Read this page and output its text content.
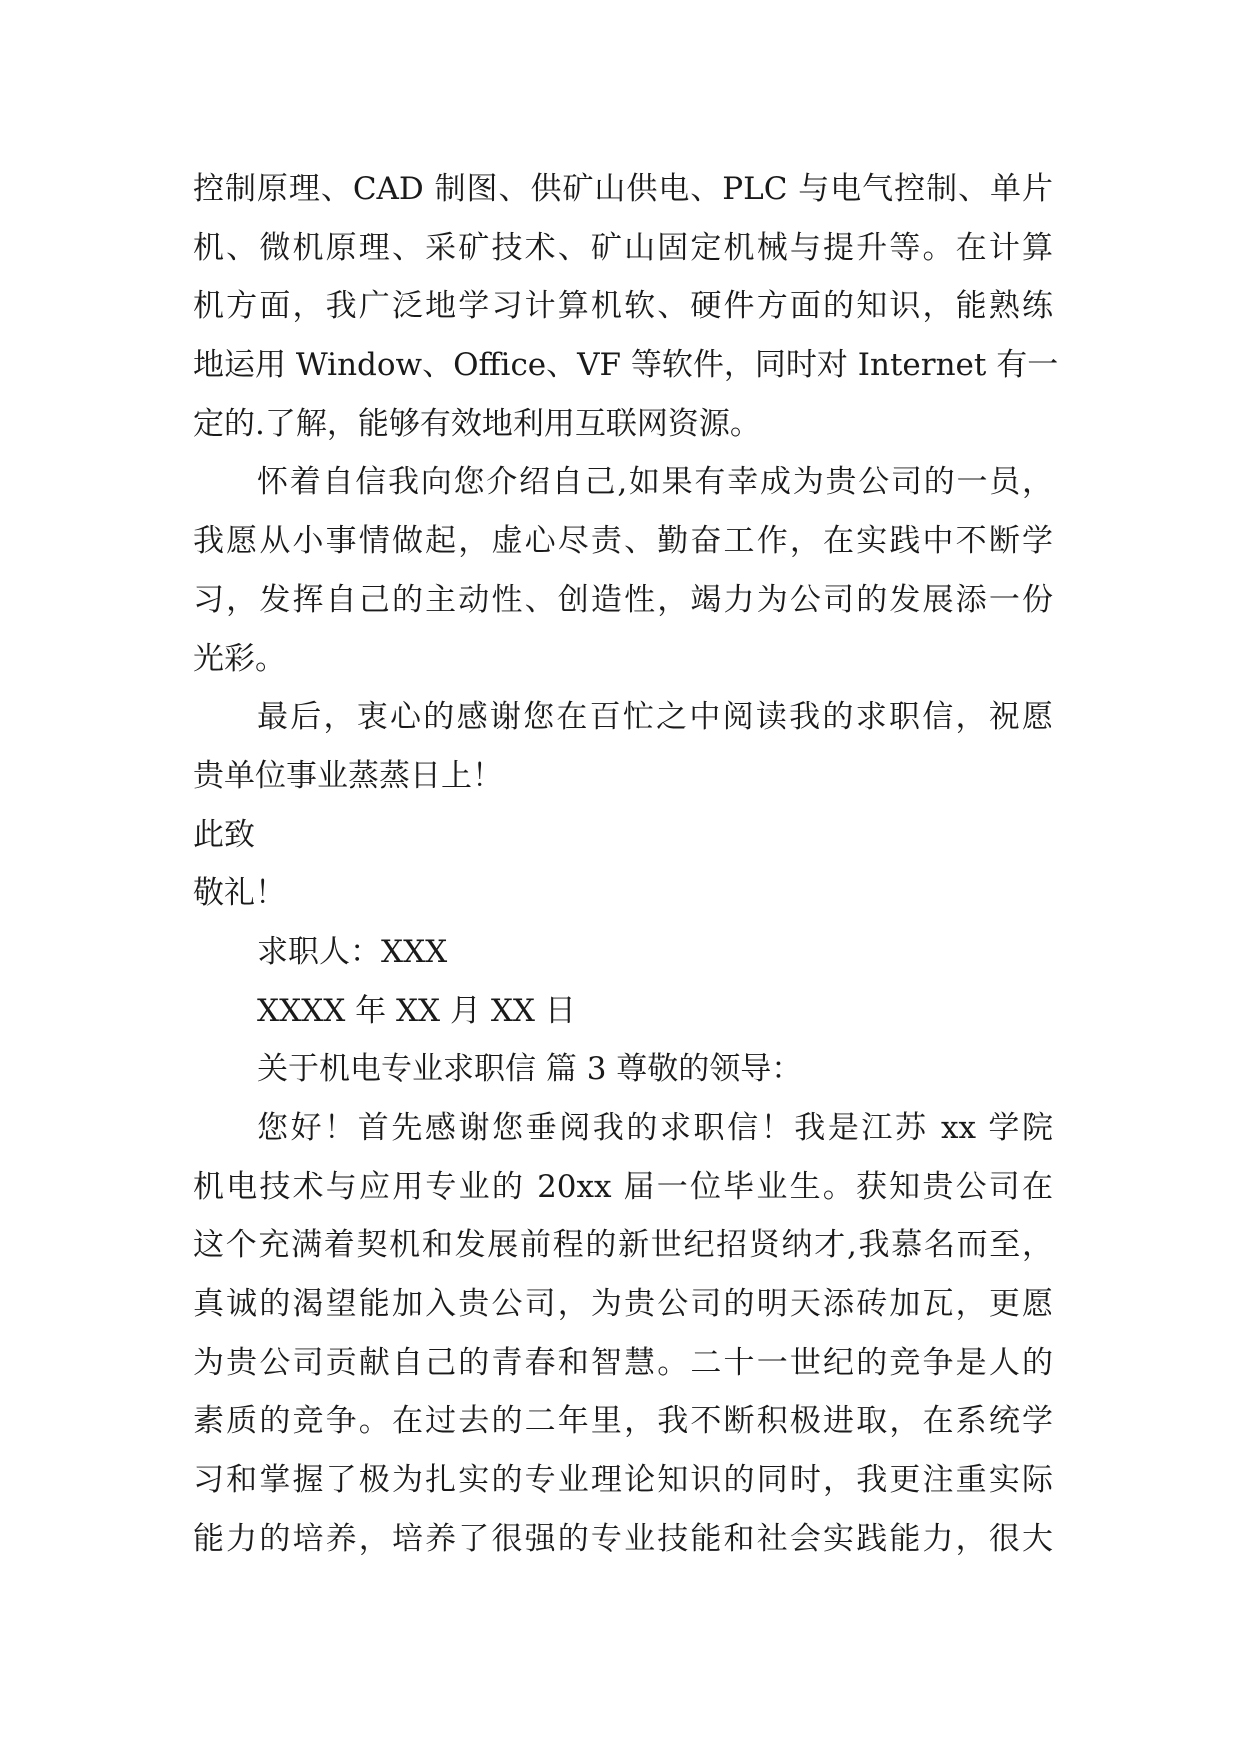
控制原理、CAD 制图、供矿山供电、PLC 与电气控制、单片
机、微机原理、采矿技术、矿山固定机械与提升等。在计算
机方面，我广泛地学习计算机软、硬件方面的知识，能熟练
地运用 Window、Office、VF 等软件，同时对 Internet 有一
定的.了解，能够有效地利用互联网资源。
怀着自信我向您介绍自己,如果有幸成为贵公司的一员，
我愿从小事情做起，虚心尽责、勤奋工作，在实践中不断学
习，发挥自己的主动性、创造性，竭力为公司的发展添一份
光彩。
最后，衷心的感谢您在百忙之中阅读我的求职信，祝愿
贵单位事业蒸蒸日上！
此致
敬礼！
求职人：XXX
XXXX 年 XX 月 XX 日
关于机电专业求职信 篇 3 尊敬的领导：
您好！首先感谢您垂阅我的求职信！我是江苏 xx 学院
机电技术与应用专业的 20xx 届一位毕业生。获知贵公司在
这个充满着契机和发展前程的新世纪招贤纳才,我慕名而至，
真诚的渴望能加入贵公司，为贵公司的明天添砖加瓦，更愿
为贵公司贡献自己的青春和智慧。二十一世纪的竞争是人的
素质的竞争。在过去的二年里，我不断积极进取，在系统学
习和掌握了极为扎实的专业理论知识的同时，我更注重实际
能力的培养，培养了很强的专业技能和社会实践能力，很大
